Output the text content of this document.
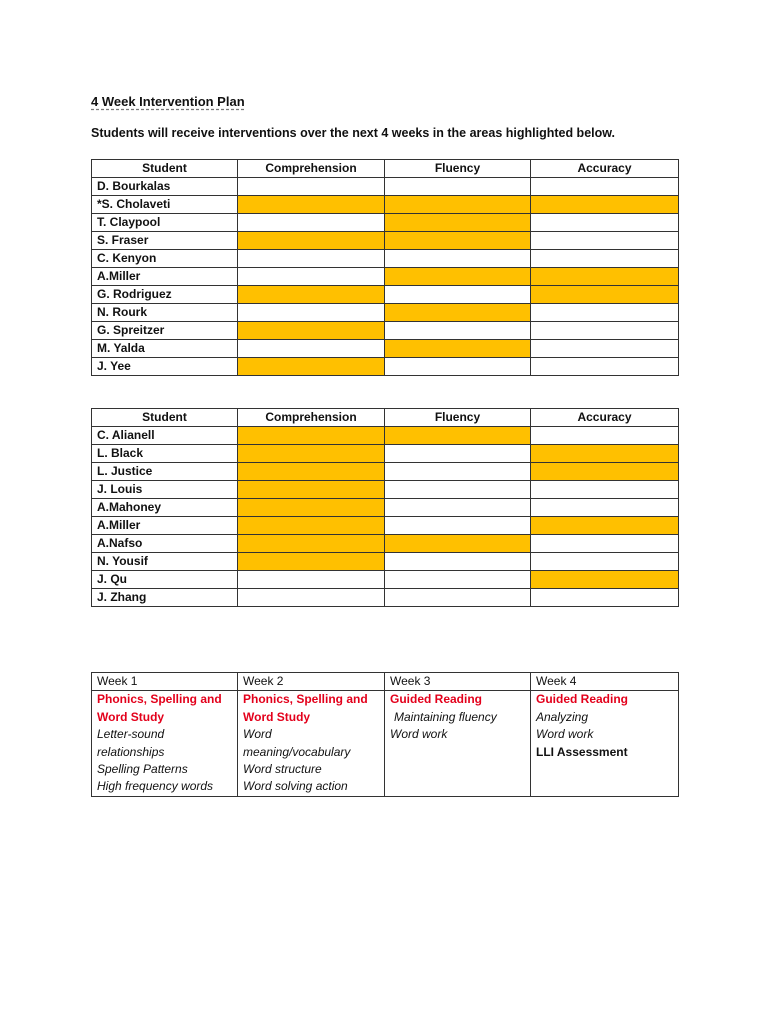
4 Week Intervention Plan
Students will receive interventions over the next 4 weeks in the areas highlighted below.
Student	Comprehension	Fluency	Accuracy
D. Bourkalas			
*S. Cholaveti			
T. Claypool			
S. Fraser			
C. Kenyon			
A.Miller			
G. Rodriguez			
N. Rourk			
G. Spreitzer			
M. Yalda			
J. Yee			
Student	Comprehension	Fluency	Accuracy
C. Alianell			
L. Black			
L. Justice			
J. Louis			
A.Mahoney			
A.Miller			
A.Nafso			
N. Yousif			
J. Qu			
J. Zhang			
Week 1	Week 2	Week 3	Week 4

Phonics, Spelling and Word Study
Letter-sound relationships
Spelling Patterns
High frequency words	Phonics, Spelling and Word Study
Word meaning/vocabulary
Word structure
Word solving action	Guided Reading
Maintaining fluency
Word work	Guided Reading
Analyzing
Word work
LLI Assessment
